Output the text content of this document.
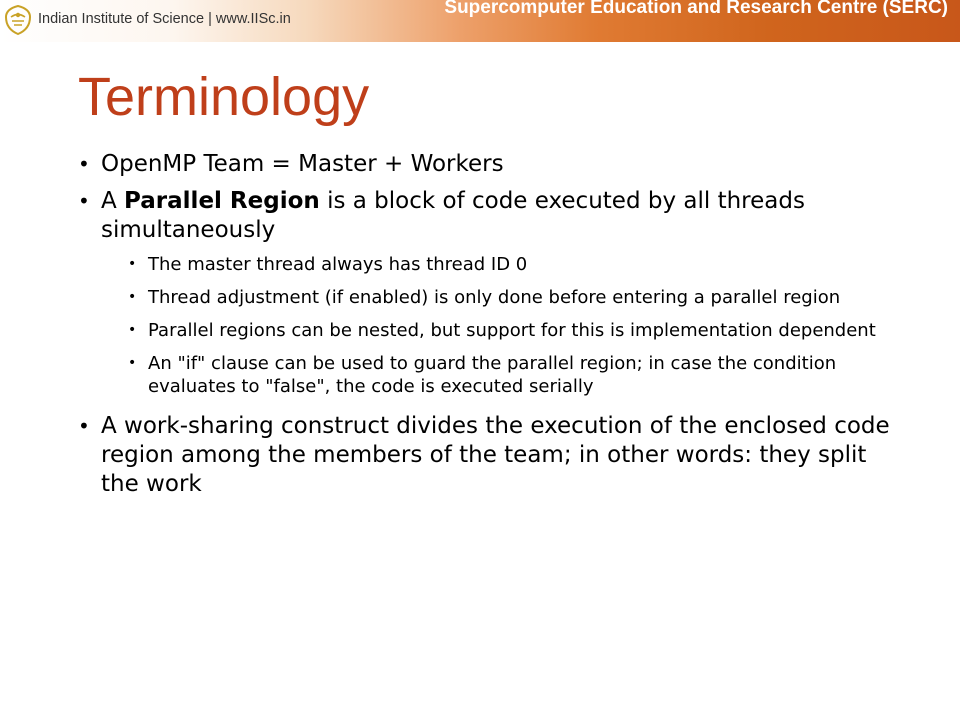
Indian Institute of Science | www.IISc.in
Supercomputer Education and Research Centre (SERC)
Terminology
• OpenMP Team = Master + Workers
• A Parallel Region is a block of code executed by all threads simultaneously
• The master thread always has thread ID 0
• Thread adjustment (if enabled) is only done before entering a parallel region
• Parallel regions can be nested, but support for this is implementation dependent
• An "if" clause can be used to guard the parallel region; in case the condition evaluates to "false", the code is executed serially
• A work-sharing construct divides the execution of the enclosed code region among the members of the team; in other words: they split the work
